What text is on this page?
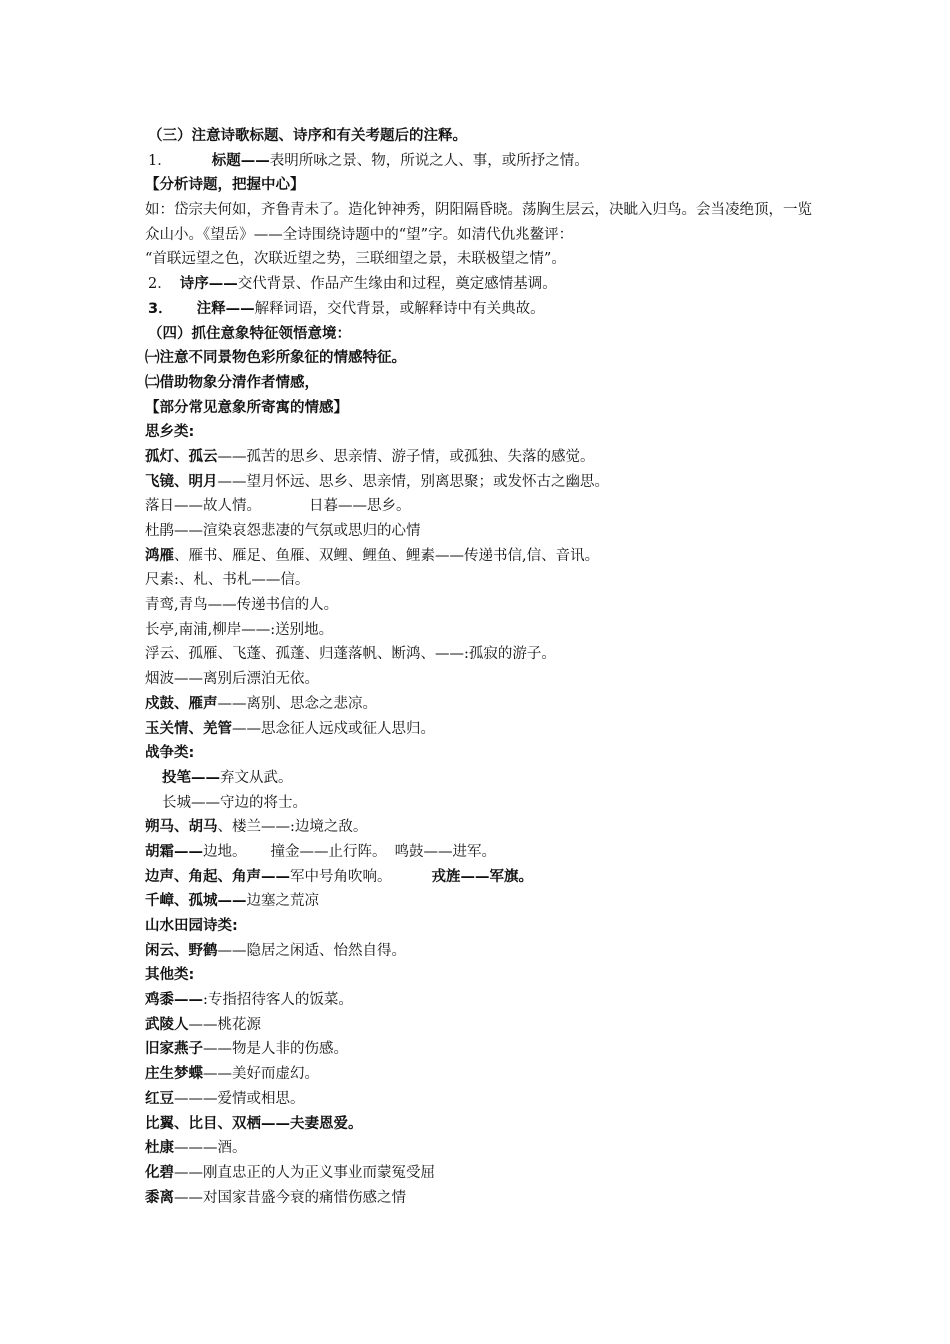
（三）注意诗歌标题、诗序和有关考题后的注释。
1．	标题——表明所咏之景、物，所说之人、事，或所抒之情。
【分析诗题，把握中心】
如：岱宗夫何如，齐鲁青未了。造化钟神秀，阴阳隔昏晓。荡胸生层云，决眦入归鸟。会当凌绝顶，一览众山小。《望岳》——全诗围绕诗题中的“望”字。如清代仇兆鳌评：
“首联远望之色，次联近望之势，三联细望之景，未联极望之情”。
2． 诗序——交代背景、作品产生缘由和过程，奠定感情基调。
3． 注释——解释词语，交代背景，或解释诗中有关典故。
（四）抓住意象特征领悟意境：
㈠注意不同景物色彩所象征的情感特征。
㈡借助物象分清作者情感，
【部分常见意象所寄寓的情感】
思乡类:
孤灯、孤云——孤苦的思乡、思亲情、游子情，或孤独、失落的感觉。
飞镜、明月——望月怀远、思乡、思亲情，别离思聚；或发怀古之幽思。
落日——故人情。	日暮——思乡。
杜鹃——渲染哀怨悲凄的气氛或思归的心情
鸿雁、雁书、雁足、鱼雁、双鲤、鲤鱼、鲤素——传递书信,信、音讯。
尺素:、札、书札——信。
青鸾,青鸟——传递书信的人。
长亭,南浦,柳岸——:送别地。
浮云、孤雁、飞蓬、孤蓬、归蓬落帆、断鸿、——:孤寂的游子。
烟波——离别后漂泊无依。
戍鼓、雁声——离别、思念之悲凉。
玉关情、羌管——思念征人远戍或征人思归。
战争类:
投笔——弃文从武。
长城——守边的将士。
朔马、胡马、楼兰——:边境之敌。
胡霜——边地。 撞金——止行阵。 鸣鼓——进军。
边声、角起、角声——军中号角吹响。	戎旌——军旗。
千嶂、孤城——边塞之荒凉
山水田园诗类:
闲云、野鹤——隐居之闲适、怡然自得。
其他类:
鸡黍——:专指招待客人的饭菜。
武陵人——桃花源
旧家燕子——物是人非的伤感。
庄生梦蝶——美好而虚幻。
红豆———爱情或相思。
比翼、比目、双栖——夫妻恩爱。
杜康———酒。
化碧——刚直忠正的人为正义事业而蒙冤受屈
黍离——对国家昔盛今衰的痛惜伤感之情
